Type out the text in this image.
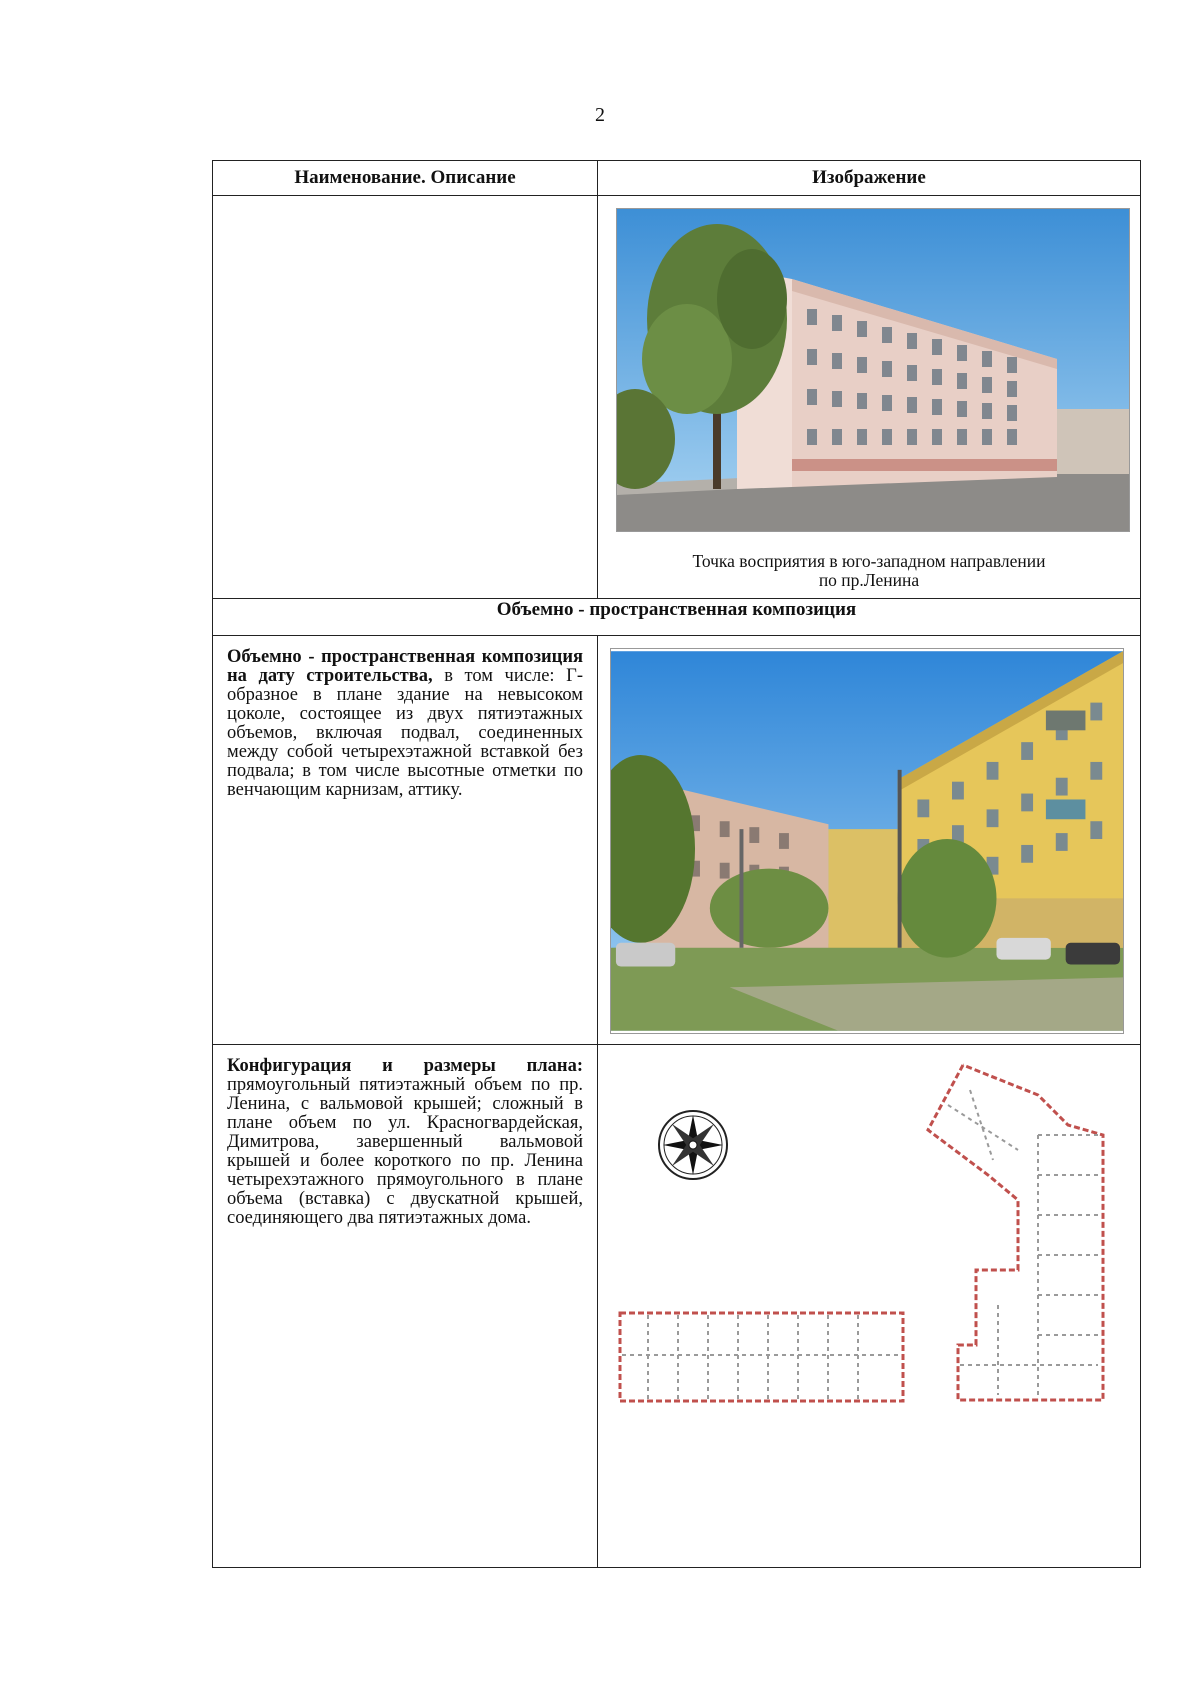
2
Наименование. Описание	Изображение

	Точка восприятия в юго-западном направлении
по пр.Ленина

Объемно - пространственная композиция	

Объемно - пространственная композиция на дату строительства, в том числе: Г-образное в плане здание на невысоком цоколе, состоящее из двух пятиэтажных объемов, включая подвал, соединенных между собой четырехэтажной вставкой без подвала; в том числе высотные отметки по венчающим карнизам, аттику.

Конфигурация и размеры плана: прямоугольный пятиэтажный объем по пр. Ленина, с вальмовой крышей; сложный в плане объем по ул. Красногвардейская, Димитрова, завершенный вальмовой крышей и более короткого по пр. Ленина четырехэтажного прямоугольного в плане объема (вставка) с двускатной крышей, соединяющего два пятиэтажных дома.
